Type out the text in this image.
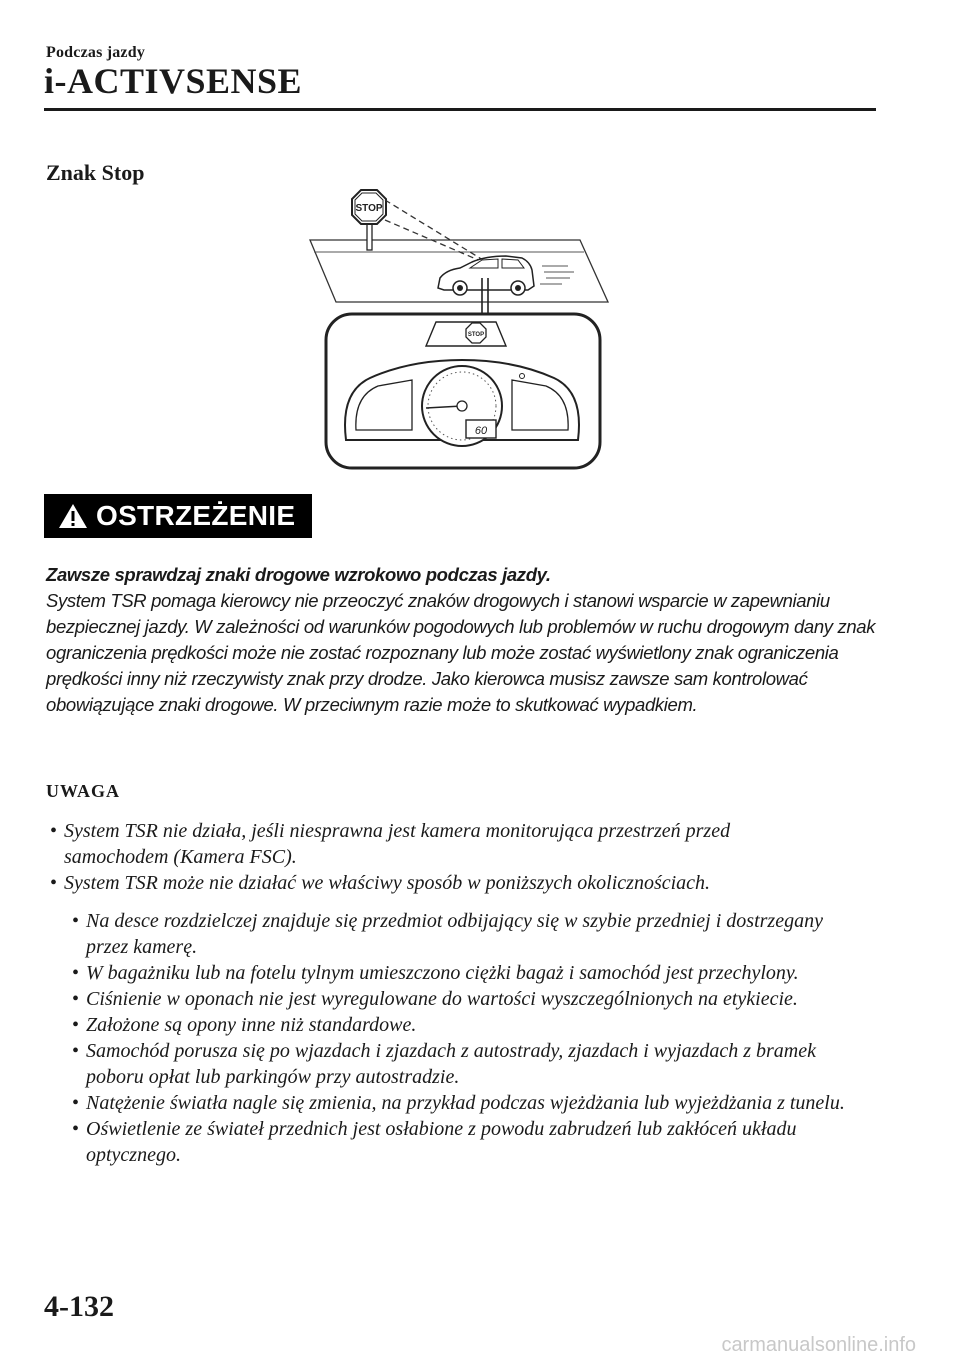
Podczas jazdy
i-ACTIVSENSE
Znak Stop
STOP
STOP
60
OSTRZEŻENIE
Zawsze sprawdzaj znaki drogowe wzrokowo podczas jazdy.
System TSR pomaga kierowcy nie przeoczyć znaków drogowych i stanowi wsparcie w zapewnianiu bezpiecznej jazdy. W zależności od warunków pogodowych lub problemów w ruchu drogowym dany znak ograniczenia prędkości może nie zostać rozpoznany lub może zostać wyświetlony znak ograniczenia prędkości inny niż rzeczywisty znak przy drodze. Jako kierowca musisz zawsze sam kontrolować obowiązujące znaki drogowe. W przeciwnym razie może to skutkować wypadkiem.
UWAGA
• System TSR nie działa, jeśli niesprawna jest kamera monitorująca przestrzeń przed samochodem (Kamera FSC).
• System TSR może nie działać we właściwy sposób w poniższych okolicznościach.
• Na desce rozdzielczej znajduje się przedmiot odbijający się w szybie przedniej i dostrzegany przez kamerę.
• W bagażniku lub na fotelu tylnym umieszczono ciężki bagaż i samochód jest przechylony.
• Ciśnienie w oponach nie jest wyregulowane do wartości wyszczególnionych na etykiecie.
• Założone są opony inne niż standardowe.
• Samochód porusza się po wjazdach i zjazdach z autostrady, zjazdach i wyjazdach z bramek poboru opłat lub parkingów przy autostradzie.
• Natężenie światła nagle się zmienia, na przykład podczas wjeżdżania lub wyjeżdżania z tunelu.
• Oświetlenie ze świateł przednich jest osłabione z powodu zabrudzeń lub zakłóceń układu optycznego.
4-132
carmanualsonline.info
